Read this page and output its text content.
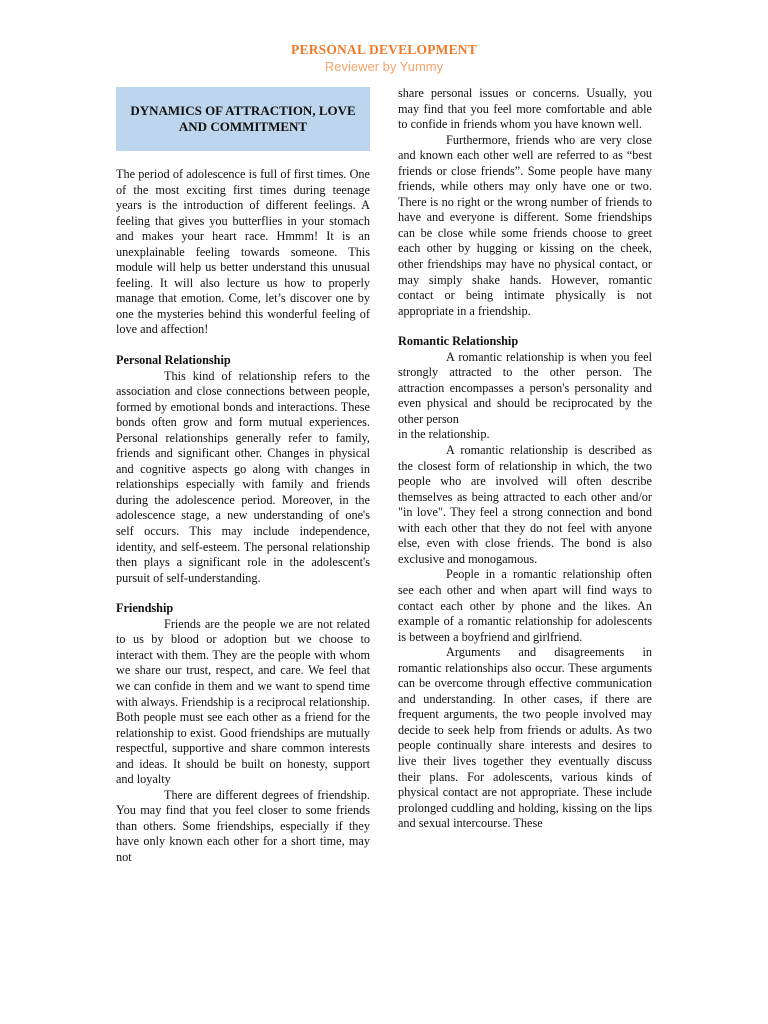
PERSONAL DEVELOPMENT
Reviewer by Yummy
DYNAMICS OF ATTRACTION, LOVE AND COMMITMENT

The period of adolescence is full of first times. One of the most exciting first times during teenage years is the introduction of different feelings. A feeling that gives you butterflies in your stomach and makes your heart race. Hmmm! It is an unexplainable feeling towards someone. This module will help us better understand this unusual feeling. It will also lecture us how to properly manage that emotion. Come, let’s discover one by one the mysteries behind this wonderful feeling of love and affection!

Personal Relationship

This kind of relationship refers to the association and close connections between people, formed by emotional bonds and interactions. These bonds often grow and form mutual experiences. Personal relationships generally refer to family, friends and significant other. Changes in physical and cognitive aspects go along with changes in relationships especially with family and friends during the adolescence period. Moreover, in the adolescence stage, a new understanding of one's self occurs. This may include independence, identity, and self-esteem. The personal relationship then plays a significant role in the adolescent's pursuit of self-understanding.

Friendship

Friends are the people we are not related to us by blood or adoption but we choose to interact with them. They are the people with whom we share our trust, respect, and care. We feel that we can confide in them and we want to spend time with always. Friendship is a reciprocal relationship. Both people must see each other as a friend for the relationship to exist. Good friendships are mutually respectful, supportive and share common interests and ideas. It should be built on honesty, support and loyalty

There are different degrees of friendship. You may find that you feel closer to some friends than others. Some friendships, especially if they have only known each other for a short time, may not

share personal issues or concerns. Usually, you may find that you feel more comfortable and able to confide in friends whom you have known well.

Furthermore, friends who are very close and known each other well are referred to as “best friends or close friends”. Some people have many friends, while others may only have one or two. There is no right or the wrong number of friends to have and everyone is different. Some friendships can be close while some friends choose to greet each other by hugging or kissing on the cheek, other friendships may have no physical contact, or may simply shake hands. However, romantic contact or being intimate physically is not appropriate in a friendship.

Romantic Relationship

A romantic relationship is when you feel strongly attracted to the other person. The attraction encompasses a person's personality and even physical and should be reciprocated by the other person

in the relationship.

A romantic relationship is described as the closest form of relationship in which, the two people who are involved will often describe themselves as being attracted to each other and/or "in love". They feel a strong connection and bond with each other that they do not feel with anyone else, even with close friends. The bond is also exclusive and monogamous.

People in a romantic relationship often see each other and when apart will find ways to contact each other by phone and the likes. An example of a romantic relationship for adolescents is between a boyfriend and girlfriend.

Arguments and disagreements in romantic relationships also occur. These arguments can be overcome through effective communication and understanding. In other cases, if there are frequent arguments, the two people involved may decide to seek help from friends or adults. As two people continually share interests and desires to live their lives together they eventually discuss their plans. For adolescents, various kinds of physical contact are not appropriate. These include prolonged cuddling and holding, kissing on the lips and sexual intercourse. These
